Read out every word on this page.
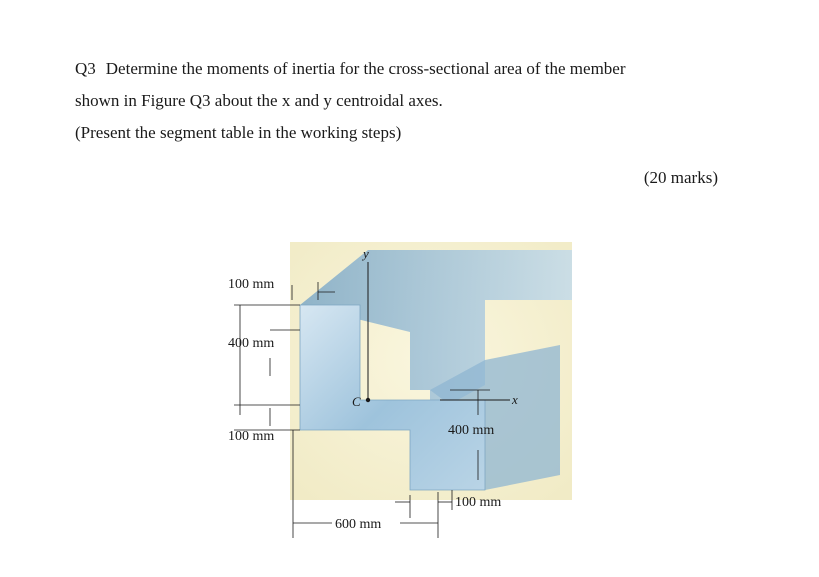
Q3 Determine the moments of inertia for the cross-sectional area of the member

shown in Figure Q3 about the x and y centroidal axes.

(Present the segment table in the working steps)

(20 marks)
y
C	x
100 mm
400 mm
100 mm	400 mm
100 mm
600 mm
